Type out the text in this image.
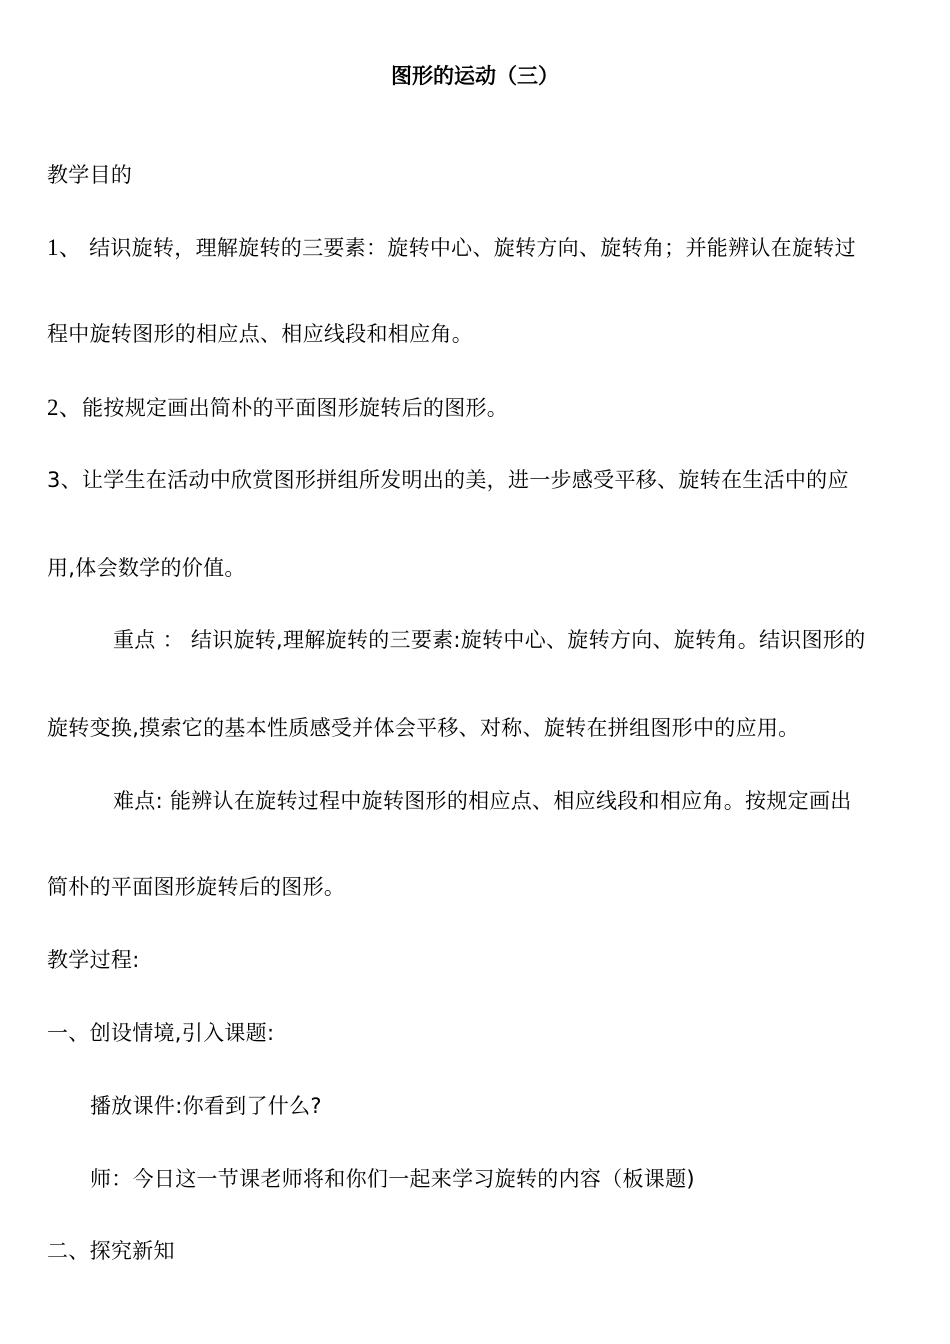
图形的运动（三）
教学目的
1、 结识旋转，理解旋转的三要素：旋转中心、旋转方向、旋转角；并能辨认在旋转过
程中旋转图形的相应点、相应线段和相应角。
2、能按规定画出简朴的平面图形旋转后的图形。
3、让学生在活动中欣赏图形拼组所发明出的美，进一步感受平移、旋转在生活中的应
用,体会数学的价值。
重点 ： 结识旋转,理解旋转的三要素:旋转中心、旋转方向、旋转角。结识图形的
旋转变换,摸索它的基本性质感受并体会平移、对称、旋转在拼组图形中的应用。
难点: 能辨认在旋转过程中旋转图形的相应点、相应线段和相应角。按规定画出
简朴的平面图形旋转后的图形。
教学过程:
一、创设情境,引入课题:
播放课件:你看到了什么?
师：今日这一节课老师将和你们一起来学习旋转的内容（板课题)
二、探究新知
